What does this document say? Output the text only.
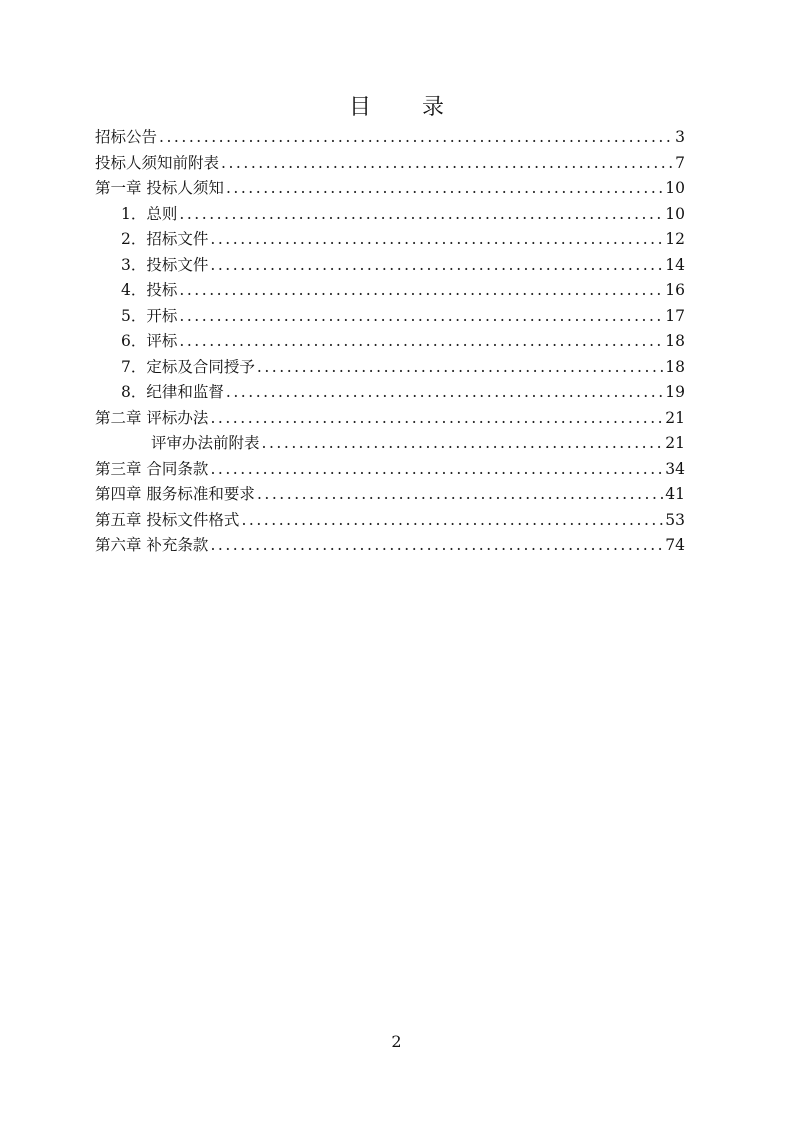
目 录
招标公告 . . .	3
投标人须知前附表 . . .	7
第一章 投标人须知 . . .	10
1．总则 . . .	10
2．招标文件 . . .	12
3．投标文件 . . .	14
4．投标 . . .	16
5．开标 . . .	17
6．评标 . . .	18
7．定标及合同授予 . . .	18
8．纪律和监督 . . .	19
第二章 评标办法 . . .	21
评审办法前附表 . . .	21
第三章 合同条款 . . .	34
第四章 服务标准和要求 . . .	41
第五章 投标文件格式 . . .	53
第六章 补充条款 . . .	74
2
